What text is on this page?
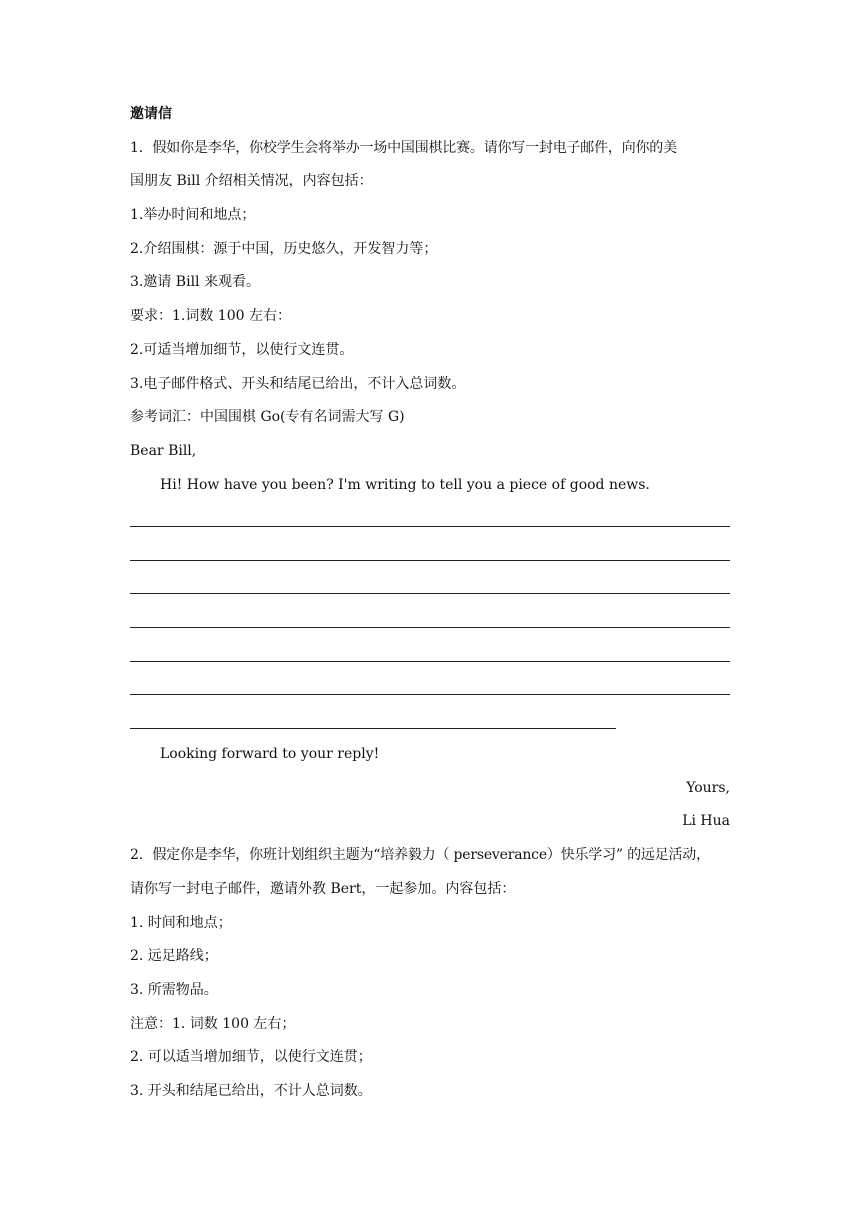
邀请信
1．假如你是李华，你校学生会将举办一场中国围棋比赛。请你写一封电子邮件，向你的美
国朋友 Bill 介绍相关情况，内容包括：
1.举办时间和地点；
2.介绍围棋：源于中国，历史悠久，开发智力等；
3.邀请 Bill 来观看。
要求：1.词数 100 左右：
2.可适当增加细节，以使行文连贯。
3.电子邮件格式、开头和结尾已给出，不计入总词数。
参考词汇：中国围棋 Go(专有名词需大写 G)
Bear Bill,
Hi! How have you been? I'm writing to tell you a piece of good news.
Looking forward to your reply!
Yours,
Li Hua
2．假定你是李华，你班计划组织主题为“培养毅力（ perseverance）快乐学习” 的远足活动，
请你写一封电子邮件，邀请外教 Bert，一起参加。内容包括：
1. 时间和地点；
2. 远足路线；
3. 所需物品。
注意：1. 词数 100 左右；
2. 可以适当增加细节，以使行文连贯；
3. 开头和结尾已给出，不计人总词数。
